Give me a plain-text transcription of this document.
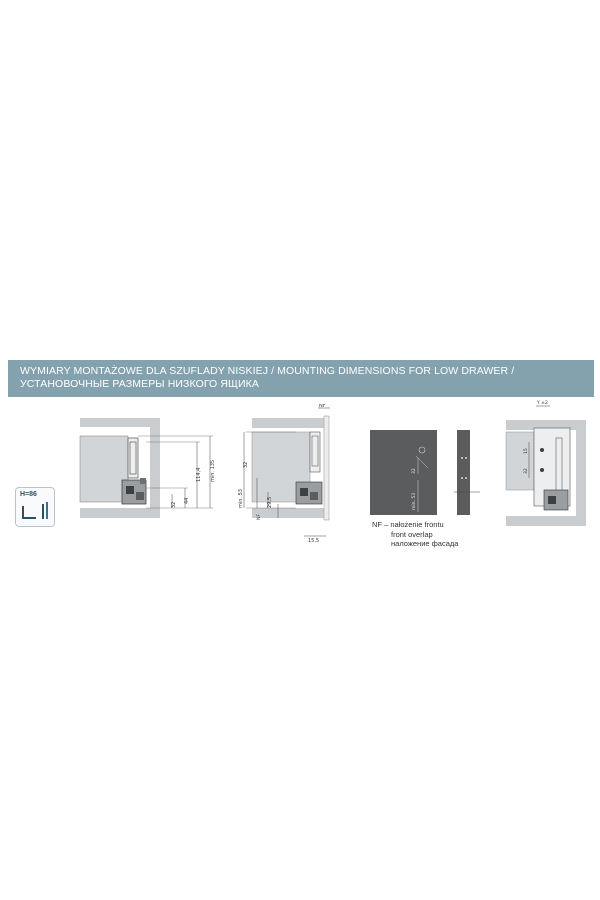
WYMIARY MONTAŻOWE DLA SZUFLADY NISKIEJ / MOUNTING DIMENSIONS FOR LOW DRAWER /
УСТАНОВОЧНЫЕ РАЗМЕРЫ НИЗКОГО ЯЩИКА
H=86
114,4 min. 135
32
44
NF
32
min. 53	29,5
NF
15,5
32
min. 53
Y ±2
15
32
NF – nałożenie frontu
front overlap
наложение фасада
